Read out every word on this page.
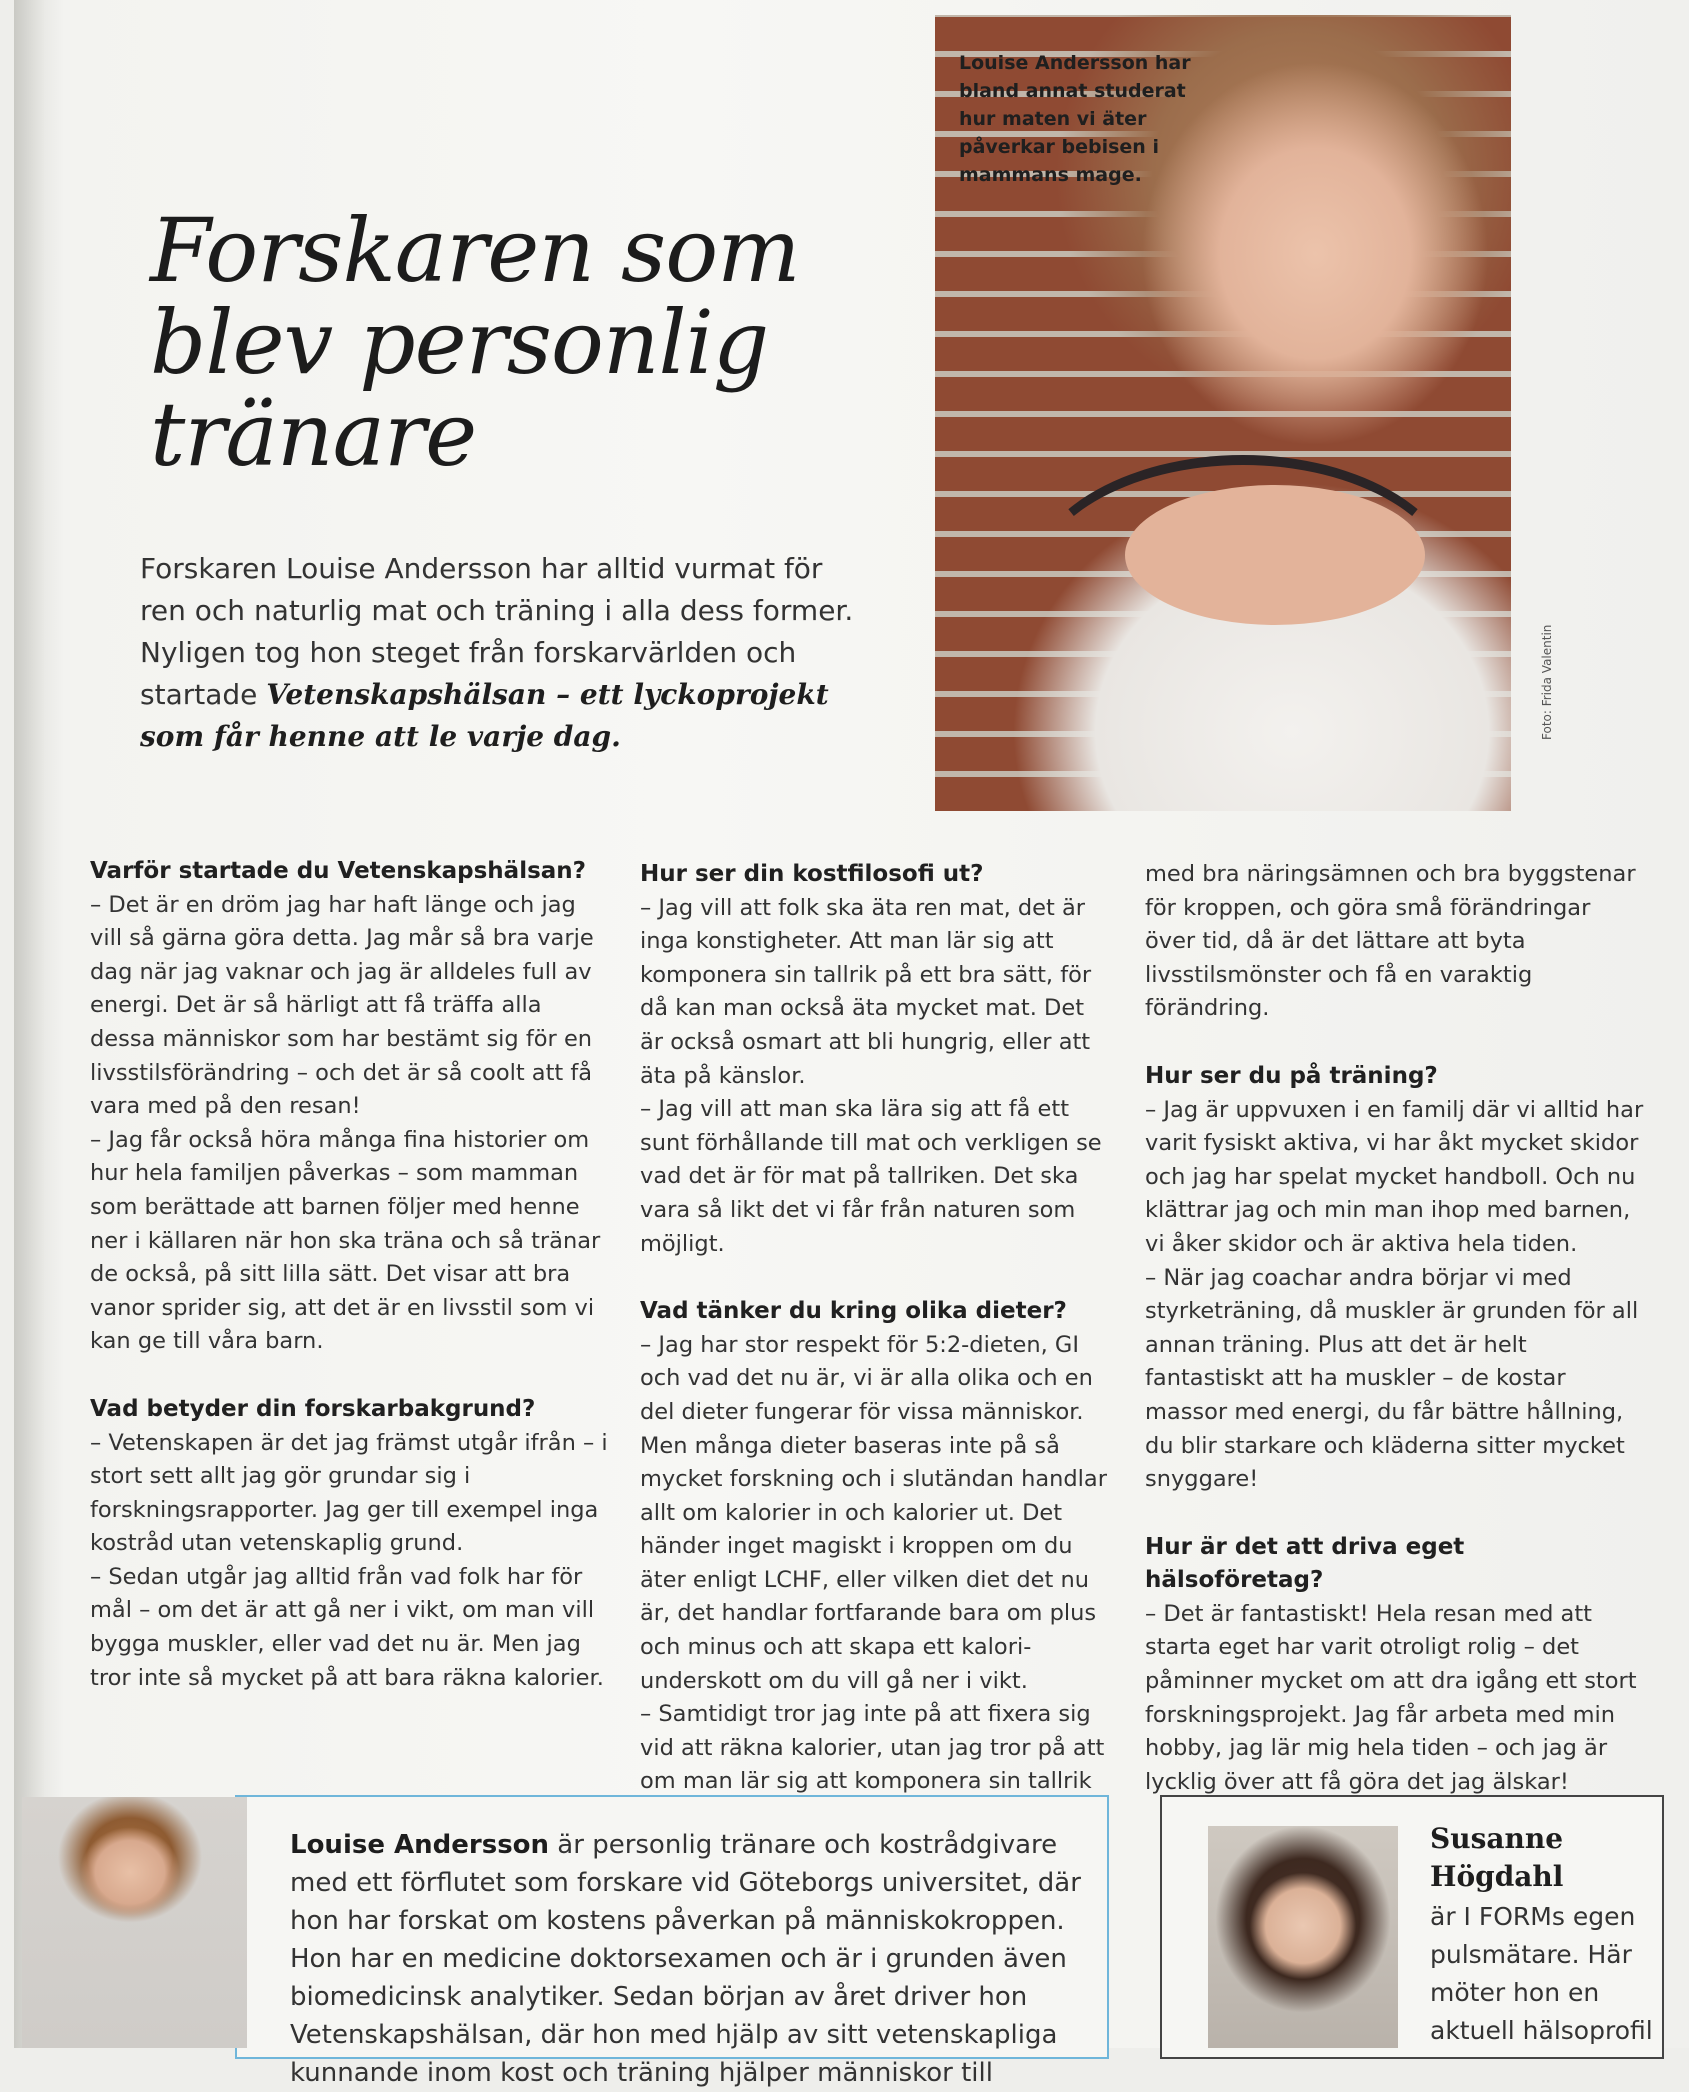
Forskaren som blev personlig tränare

Forskaren Louise Andersson har alltid vurmat för ren och naturlig mat och träning i alla dess former. Nyligen tog hon steget från forskarvärlden och startade Vetenskapshälsan – ett lyckoprojekt som får henne att le varje dag.

Louise Andersson har bland annat studerat hur maten vi äter påverkar bebisen i mammans mage.

Foto: Frida Valentin
Varför startade du Vetenskapshälsan?

– Det är en dröm jag har haft länge och jag vill så gärna göra detta. Jag mår så bra varje dag när jag vaknar och jag är alldeles full av energi. Det är så härligt att få träffa alla dessa människor som har bestämt sig för en livsstilsförändring – och det är så coolt att få vara med på den resan!

– Jag får också höra många fina historier om hur hela familjen påverkas – som mamman som berättade att barnen följer med henne ner i källaren när hon ska träna och så tränar de också, på sitt lilla sätt. Det visar att bra vanor sprider sig, att det är en livsstil som vi kan ge till våra barn.

Vad betyder din forskarbakgrund?

– Vetenskapen är det jag främst utgår ifrån – i stort sett allt jag gör grundar sig i forskningsrapporter. Jag ger till exempel inga kostråd utan vetenskaplig grund.

– Sedan utgår jag alltid från vad folk har för mål – om det är att gå ner i vikt, om man vill bygga muskler, eller vad det nu är. Men jag tror inte så mycket på att bara räkna kalorier.

Hur ser din kostfilosofi ut?

– Jag vill att folk ska äta ren mat, det är inga konstigheter. Att man lär sig att komponera sin tallrik på ett bra sätt, för då kan man också äta mycket mat. Det är också osmart att bli hungrig, eller att äta på känslor.

– Jag vill att man ska lära sig att få ett sunt förhållande till mat och verkligen se vad det är för mat på tallriken. Det ska vara så likt det vi får från naturen som möjligt.

Vad tänker du kring olika dieter?

– Jag har stor respekt för 5:2-dieten, GI och vad det nu är, vi är alla olika och en del dieter fungerar för vissa människor. Men många dieter baseras inte på så mycket forskning och i slutändan handlar allt om kalorier in och kalorier ut. Det händer inget magiskt i kroppen om du äter enligt LCHF, eller vilken diet det nu är, det handlar fortfarande bara om plus och minus och att skapa ett kalori-underskott om du vill gå ner i vikt.

– Samtidigt tror jag inte på att fixera sig vid att räkna kalorier, utan jag tror på att om man lär sig att komponera sin tallrik

med bra näringsämnen och bra byggstenar för kroppen, och göra små förändringar över tid, då är det lättare att byta livsstilsmönster och få en varaktig förändring.

Hur ser du på träning?

– Jag är uppvuxen i en familj där vi alltid har varit fysiskt aktiva, vi har åkt mycket skidor och jag har spelat mycket handboll. Och nu klättrar jag och min man ihop med barnen, vi åker skidor och är aktiva hela tiden.

– När jag coachar andra börjar vi med styrketräning, då muskler är grunden för all annan träning. Plus att det är helt fantastiskt att ha muskler – de kostar massor med energi, du får bättre hållning, du blir starkare och kläderna sitter mycket snyggare!

Hur är det att driva eget hälsoföretag?

– Det är fantastiskt! Hela resan med att starta eget har varit otroligt rolig – det påminner mycket om att dra igång ett stort forskningsprojekt. Jag får arbeta med min hobby, jag lär mig hela tiden – och jag är lycklig över att få göra det jag älskar!

Louise Andersson är personlig tränare och kostrådgivare med ett förflutet som forskare vid Göteborgs universitet, där hon har forskat om kostens påverkan på människokroppen. Hon har en medicine doktorsexamen och är i grunden även biomedicinsk analytiker. Sedan början av året driver hon Vetenskapshälsan, där hon med hjälp av sitt vetenskapliga kunnande inom kost och träning hjälper människor till

Susanne Högdahl

är I FORMs egen pulsmätare. Här möter hon en aktuell hälsoprofil
